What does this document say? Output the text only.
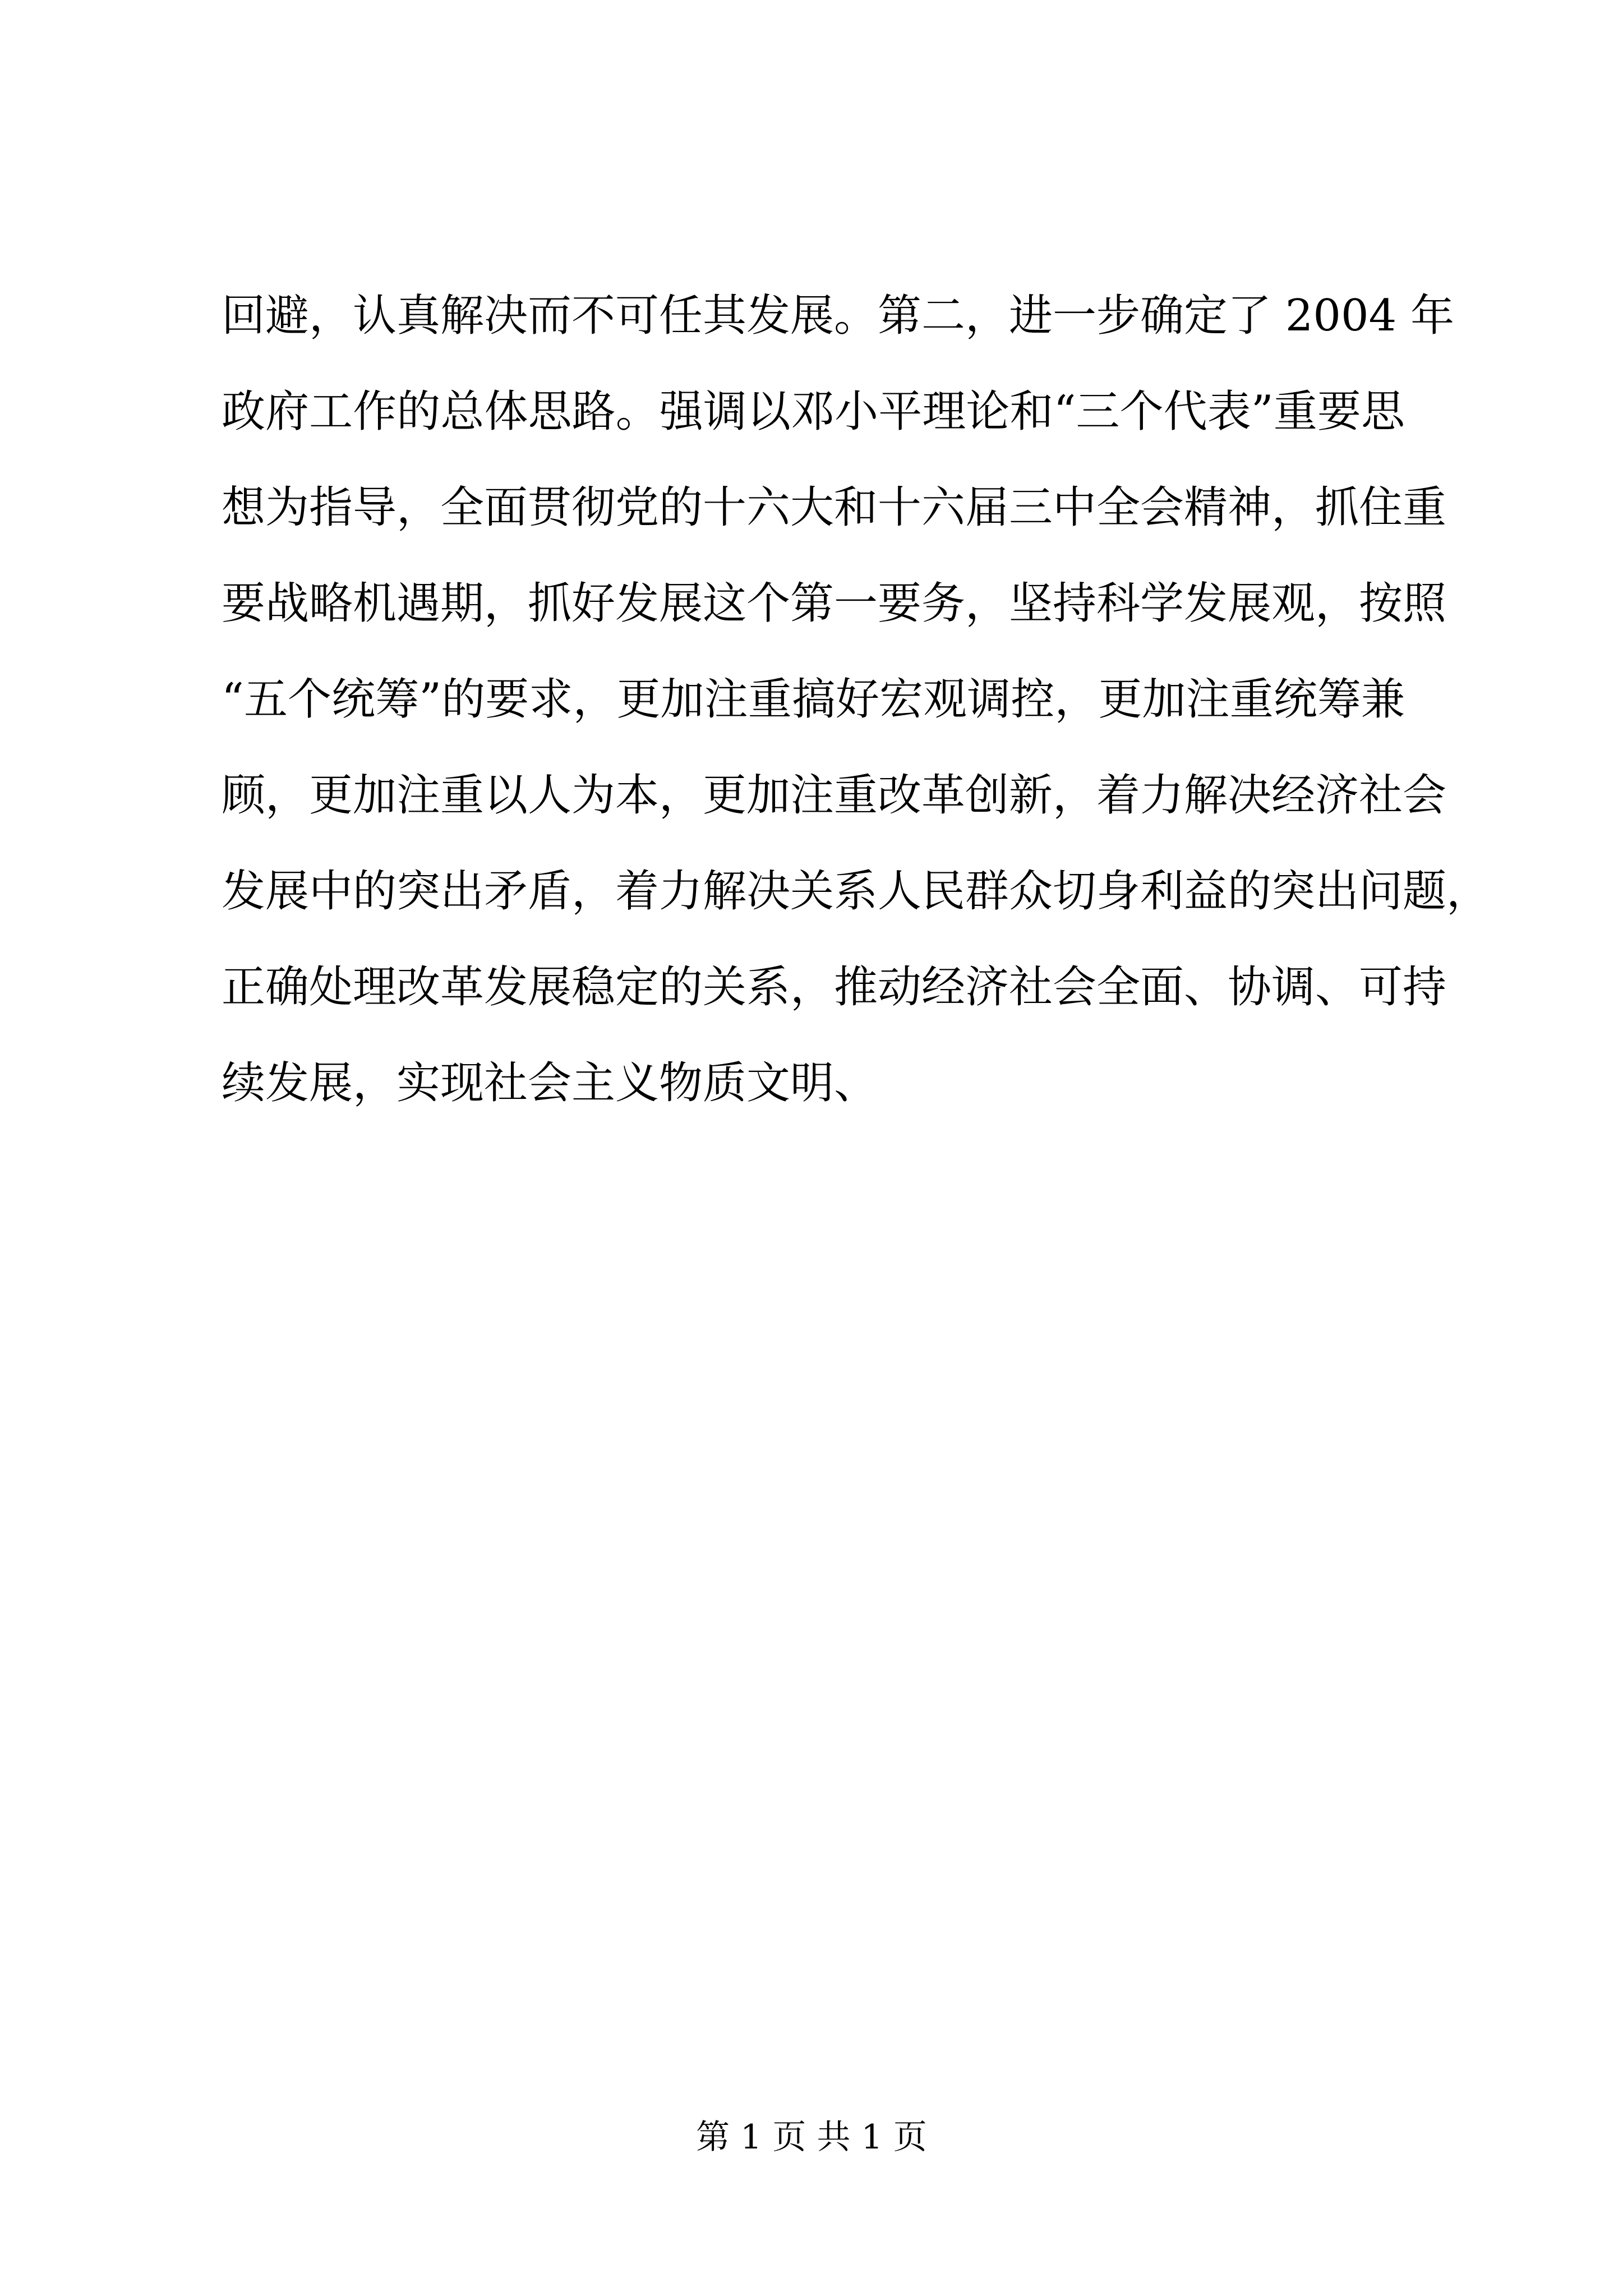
回避，认真解决而不可任其发展。第二，进一步确定了 2004 年
政府工作的总体思路。强调以邓小平理论和“三个代表”重要思
想为指导，全面贯彻党的十六大和十六届三中全会精神，抓住重
要战略机遇期，抓好发展这个第一要务，坚持科学发展观，按照
“五个统筹”的要求，更加注重搞好宏观调控，更加注重统筹兼
顾，更加注重以人为本，更加注重改革创新，着力解决经济社会
发展中的突出矛盾，着力解决关系人民群众切身利益的突出问题，
正确处理改革发展稳定的关系，推动经济社会全面、协调、可持
续发展，实现社会主义物质文明、
第 1 页 共 1 页
